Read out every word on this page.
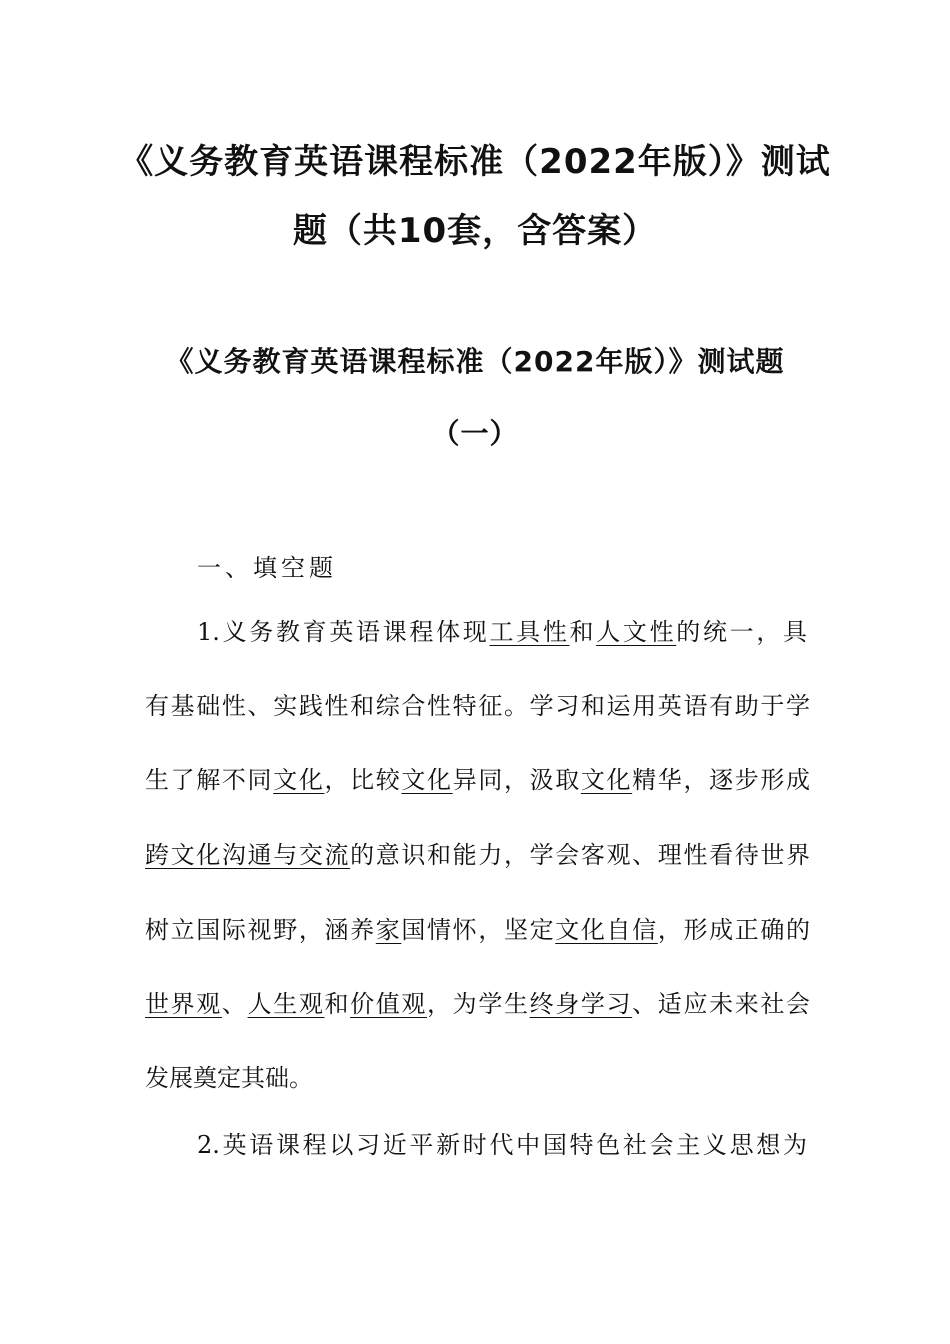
《义务教育英语课程标准（2022年版）》测试
题（共10套，含答案）
《义务教育英语课程标准（2022年版）》测试题
（一）
一、填空题
1.义务教育英语课程体现工具性和人文性的统一，具
有基础性、实践性和综合性特征。学习和运用英语有助于学
生了解不同文化，比较文化异同，汲取文化精华，逐步形成
跨文化沟通与交流的意识和能力，学会客观、理性看待世界
树立国际视野，涵养家国情怀，坚定文化自信，形成正确的
世界观、人生观和价值观，为学生终身学习、适应未来社会
发展奠定其础。
2.英语课程以习近平新时代中国特色社会主义思想为
